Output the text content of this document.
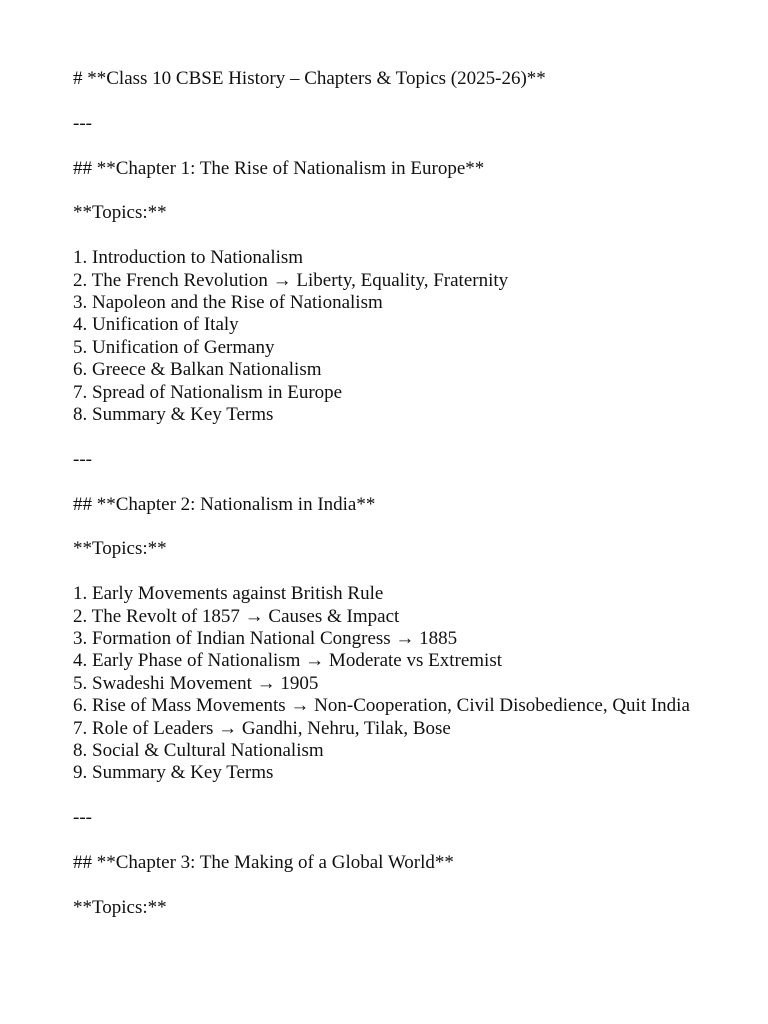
# **Class 10 CBSE History – Chapters & Topics (2025-26)**
---
## **Chapter 1: The Rise of Nationalism in Europe**
**Topics:**
1. Introduction to Nationalism
2. The French Revolution → Liberty, Equality, Fraternity
3. Napoleon and the Rise of Nationalism
4. Unification of Italy
5. Unification of Germany
6. Greece & Balkan Nationalism
7. Spread of Nationalism in Europe
8. Summary & Key Terms
---
## **Chapter 2: Nationalism in India**
**Topics:**
1. Early Movements against British Rule
2. The Revolt of 1857 → Causes & Impact
3. Formation of Indian National Congress → 1885
4. Early Phase of Nationalism → Moderate vs Extremist
5. Swadeshi Movement → 1905
6. Rise of Mass Movements → Non-Cooperation, Civil Disobedience, Quit India
7. Role of Leaders → Gandhi, Nehru, Tilak, Bose
8. Social & Cultural Nationalism
9. Summary & Key Terms
---
## **Chapter 3: The Making of a Global World**
**Topics:**
